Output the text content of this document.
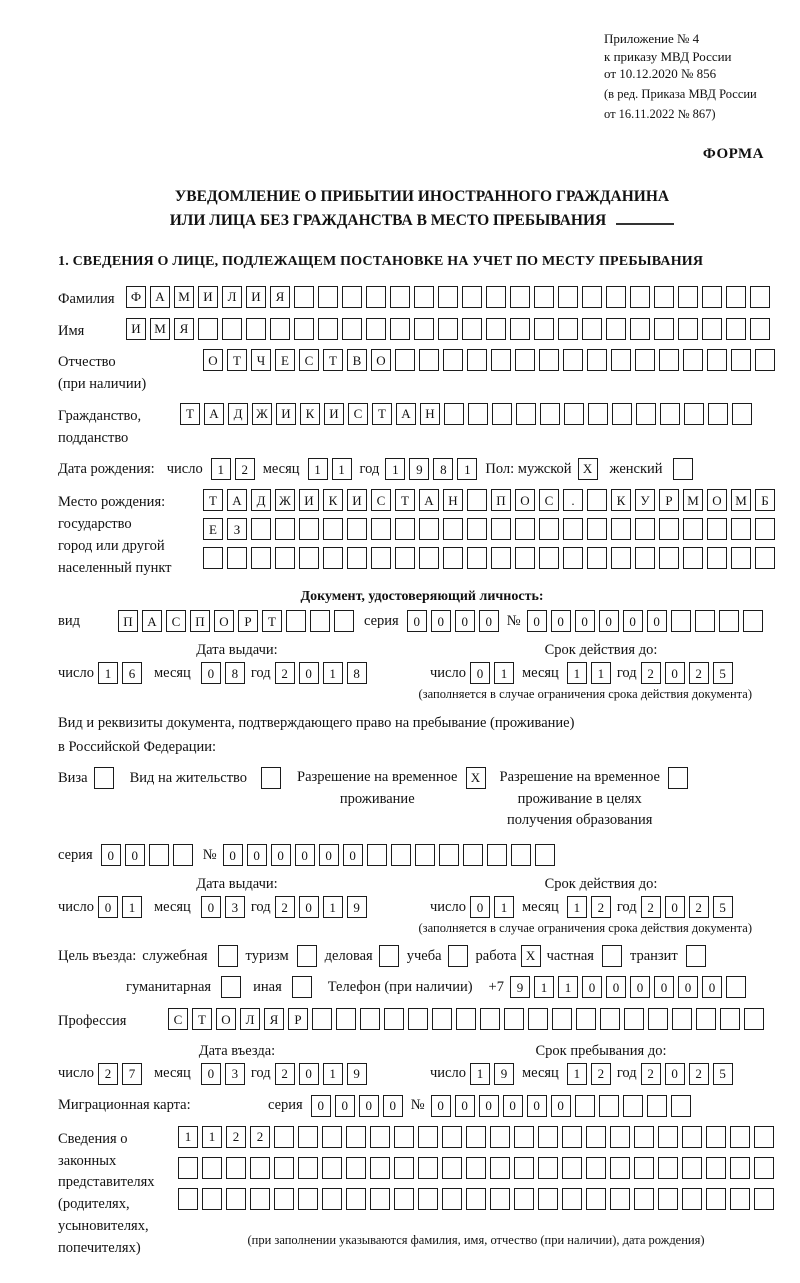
Приложение № 4
к приказу МВД России
от 10.12.2020 № 856
(в ред. Приказа МВД России
от 16.11.2022 № 867)
ФОРМА
УВЕДОМЛЕНИЕ О ПРИБЫТИИ ИНОСТРАННОГО ГРАЖДАНИНА
ИЛИ ЛИЦА БЕЗ ГРАЖДАНСТВА В МЕСТО ПРЕБЫВАНИЯ
1. СВЕДЕНИЯ О ЛИЦЕ, ПОДЛЕЖАЩЕМ ПОСТАНОВКЕ НА УЧЕТ ПО МЕСТУ ПРЕБЫВАНИЯ
Фамилия	Ф	А	М	И	Л	И	Я
Имя	И	М	Я
Отчество
(при наличии)
О	Т	Ч	Е	С	Т	В	О
Гражданство,
подданство
Т	А	Д	Ж	И	К	И	С	Т	А	Н
Дата рождения: число	1	2	месяц	1	1	год 1	9	8	1	Пол: мужской X	женский
Место рождения:
государство
город или другой
населенный пункт
Т	А	Д	Ж	И	К	И	С	Т	А	Н	П	О	С	.	К	У	Р	М	О	М	Б
Е	З
Документ, удостоверяющий личность:
вид	П	А	С	П	О	Р	Т	серия	0	0	0	0	№ 0	0	0	0	0	0
Дата выдачи:
число 1	6	месяц	0	8 год 2	0	1	8
Срок действия до:
число 0	1	месяц	1	1 год 2	0	2	5
(заполняется в случае ограничения срока действия документа)
Вид и реквизиты документа, подтверждающего право на пребывание (проживание)
в Российской Федерации:
Виза	Вид на жительство	Разрешение на временное
проживание
X	Разрешение на временное
проживание в целях
получения образования
серия	0	0	№ 0	0	0	0	0	0
Дата выдачи:
число 0	1	месяц	0	3 год 2	0	1	9
Срок действия до:
число 0	1	месяц	1	2 год 2	0	2	5
(заполняется в случае ограничения срока действия документа)
Цель въезда: служебная	туризм деловая учеба работа X частная транзит
гуманитарная	иная	Телефон (при наличии) +7 9	1	1	0	0	0	0	0	0
Профессия	С	Т	О	Л	Я	Р
Дата въезда:
число 2	7	месяц	0	3 год 2	0	1	9
Срок пребывания до:
число 1	9	месяц	1	2 год 2	0	2	5
Миграционная карта:	серия	0	0	0	0	№ 0	0	0	0	0	0
Сведения о
законных
представителях
(родителях,
усыновителях,
попечителях)
1	1	2	2
(при заполнении указываются фамилия, имя, отчество (при наличии), дата рождения)
